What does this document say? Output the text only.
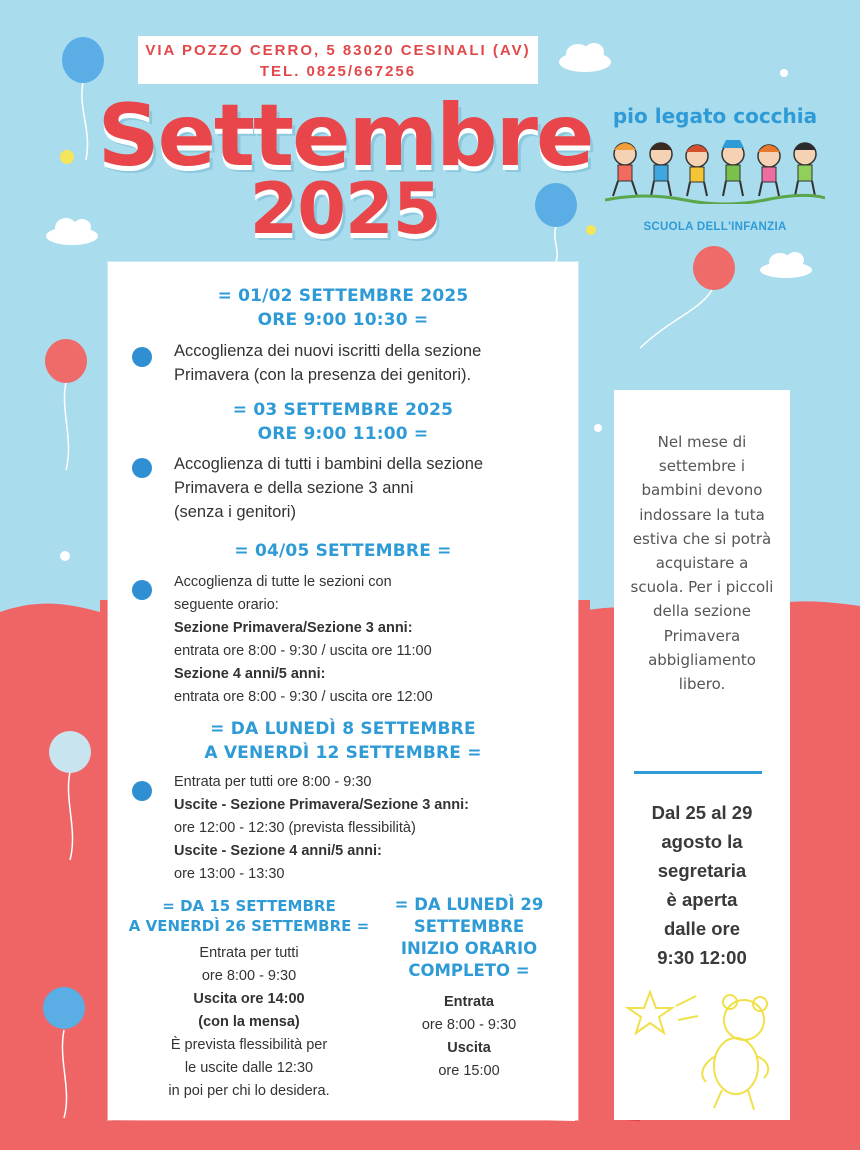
VIA POZZO CERRO, 5 83020 CESINALI (AV)
TEL. 0825/667256
Settembre
2025
pio legato cocchia
SCUOLA DELL'INFANZIA
= 01/02 SETTEMBRE 2025
ORE 9:00 10:30 =
Accoglienza dei nuovi iscritti della sezione
Primavera (con la presenza dei genitori).
= 03 SETTEMBRE 2025
ORE 9:00 11:00 =
Accoglienza di tutti i bambini della sezione
Primavera e della sezione 3 anni
(senza i genitori)
= 04/05 SETTEMBRE =
Accoglienza di tutte le sezioni con
seguente orario:
Sezione Primavera/Sezione 3 anni:
entrata ore 8:00 - 9:30 / uscita ore 11:00
Sezione 4 anni/5 anni:
entrata ore 8:00 - 9:30 / uscita ore 12:00
= DA LUNEDÌ 8 SETTEMBRE
A VENERDÌ 12 SETTEMBRE =
Entrata per tutti ore 8:00 - 9:30
Uscite - Sezione Primavera/Sezione 3 anni:
ore 12:00 - 12:30 (prevista flessibilità)
Uscite - Sezione 4 anni/5 anni:
ore 13:00 - 13:30
= DA 15 SETTEMBRE
A VENERDÌ 26 SETTEMBRE =
Entrata per tutti
ore 8:00 - 9:30
Uscita ore 14:00
(con la mensa)
È prevista flessibilità per
le uscite dalle 12:30
in poi per chi lo desidera.
= DA LUNEDÌ 29
SETTEMBRE
INIZIO ORARIO
COMPLETO =
Entrata
ore 8:00 - 9:30
Uscita
ore 15:00
Nel mese di settembre i bambini devono indossare la tuta estiva che si potrà acquistare a scuola. Per i piccoli della sezione Primavera abbigliamento libero.
Dal 25 al 29
agosto la
segretaria
è aperta
dalle ore
9:30 12:00
